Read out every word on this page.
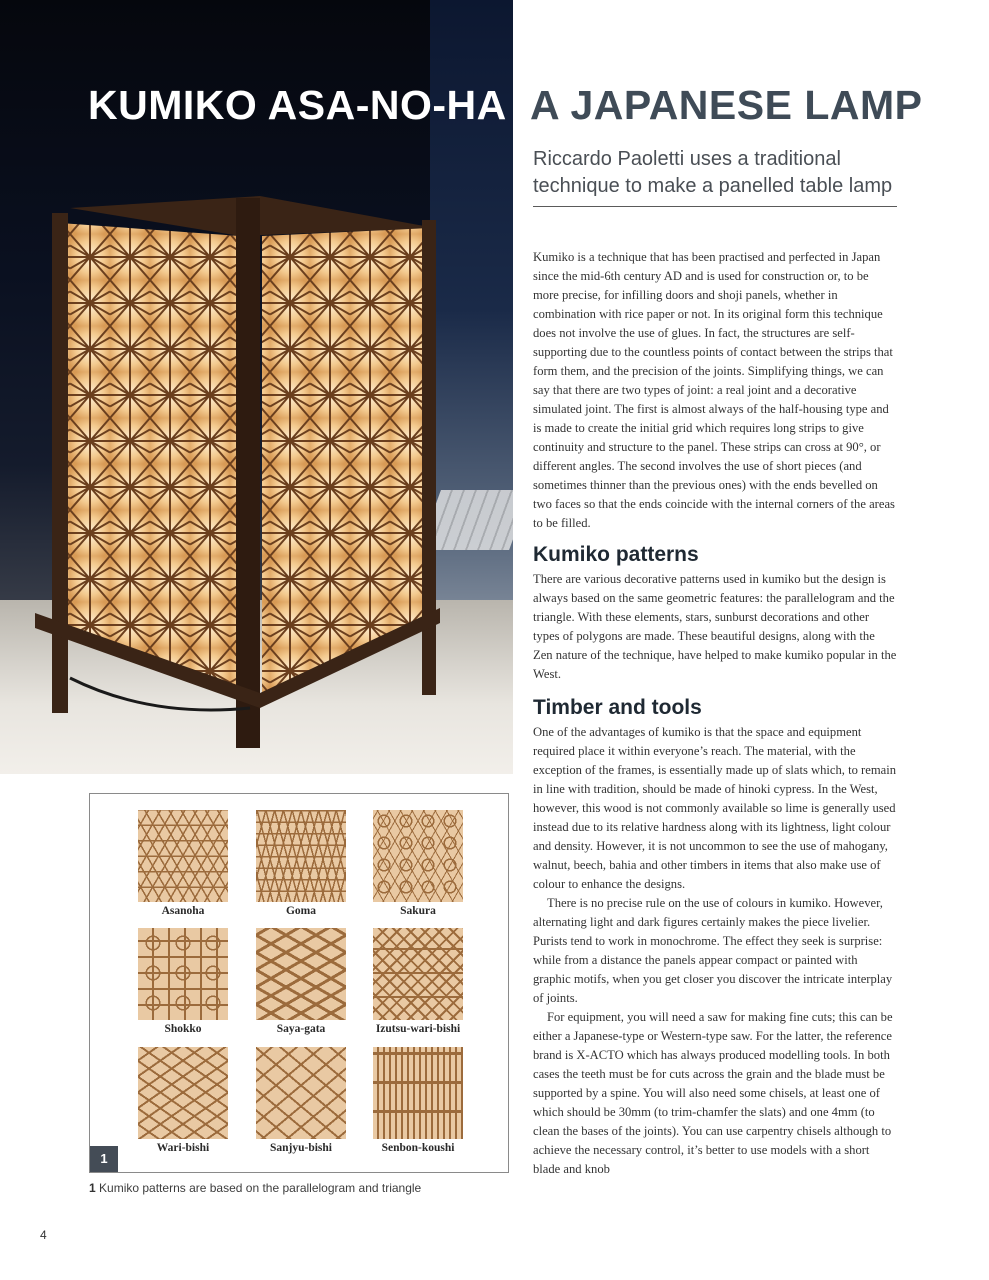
KUMIKO ASA-NO-HA A JAPANESE LAMP
Riccardo Paoletti uses a traditional technique to make a panelled table lamp

Kumiko is a technique that has been practised and perfected in Japan since the mid-6th century AD and is used for construction or, to be more precise, for infilling doors and shoji panels, whether in combination with rice paper or not. In its original form this technique does not involve the use of glues. In fact, the structures are self-supporting due to the countless points of contact between the strips that form them, and the precision of the joints. Simplifying things, we can say that there are two types of joint: a real joint and a decorative simulated joint. The first is almost always of the half-housing type and is made to create the initial grid which requires long strips to give continuity and structure to the panel. These strips can cross at 90°, or different angles. The second involves the use of short pieces (and sometimes thinner than the previous ones) with the ends bevelled on two faces so that the ends coincide with the internal corners of the areas to be filled.

Kumiko patterns

There are various decorative patterns used in kumiko but the design is always based on the same geometric features: the parallelogram and the triangle. With these elements, stars, sunburst decorations and other types of polygons are made. These beautiful designs, along with the Zen nature of the technique, have helped to make kumiko popular in the West.

Timber and tools

One of the advantages of kumiko is that the space and equipment required place it within everyone’s reach. The material, with the exception of the frames, is essentially made up of slats which, to remain in line with tradition, should be made of hinoki cypress. In the West, however, this wood is not commonly available so lime is generally used instead due to its relative hardness along with its lightness, light colour and density. However, it is not uncommon to see the use of mahogany, walnut, beech, bahia and other timbers in items that also make use of colour to enhance the designs.

There is no precise rule on the use of colours in kumiko. However, alternating light and dark figures certainly makes the piece livelier. Purists tend to work in monochrome. The effect they seek is surprise: while from a distance the panels appear compact or painted with graphic motifs, when you get closer you discover the intricate interplay of joints.

For equipment, you will need a saw for making fine cuts; this can be either a Japanese-type or Western-type saw. For the latter, the reference brand is X-ACTO which has always produced modelling tools. In both cases the teeth must be for cuts across the grain and the blade must be supported by a spine. You will also need some chisels, at least one of which should be 30mm (to trim-chamfer the slats) and one 4mm (to clean the bases of the joints). You can use carpentry chisels although to achieve the necessary control, it’s better to use models with a short blade and knob

Asanoha	Goma	Sakura
Shokko	Saya-gata	Izutsu-wari-bishi
Wari-bishi	Sanjyu-bishi	Senbon-koushi
1
1 Kumiko patterns are based on the parallelogram and triangle
4
